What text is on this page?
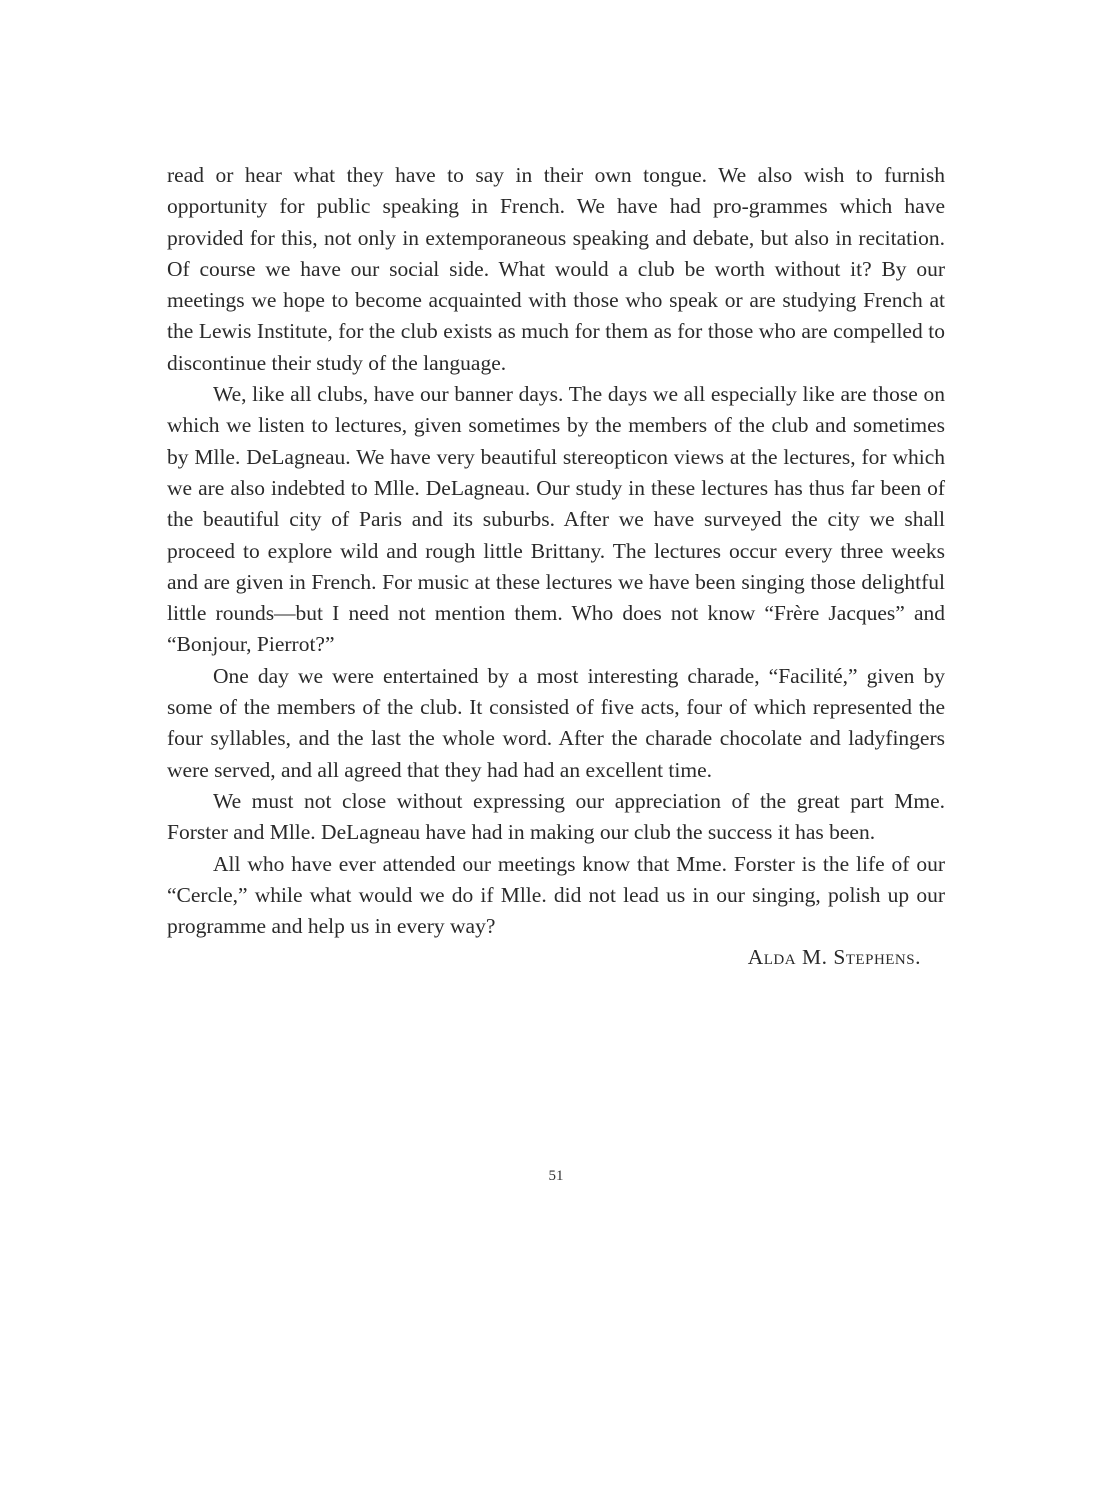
read or hear what they have to say in their own tongue. We also wish to furnish opportunity for public speaking in French. We have had pro-grammes which have provided for this, not only in extemporaneous speaking and debate, but also in recitation. Of course we have our social side. What would a club be worth without it? By our meetings we hope to become acquainted with those who speak or are studying French at the Lewis Institute, for the club exists as much for them as for those who are compelled to discontinue their study of the language.

We, like all clubs, have our banner days. The days we all especially like are those on which we listen to lectures, given sometimes by the members of the club and sometimes by Mlle. DeLagneau. We have very beautiful stereopticon views at the lectures, for which we are also indebted to Mlle. DeLagneau. Our study in these lectures has thus far been of the beautiful city of Paris and its suburbs. After we have surveyed the city we shall proceed to explore wild and rough little Brittany. The lectures occur every three weeks and are given in French. For music at these lectures we have been singing those delightful little rounds—but I need not mention them. Who does not know “Frère Jacques” and “Bonjour, Pierrot?”

One day we were entertained by a most interesting charade, “Facilité,” given by some of the members of the club. It consisted of five acts, four of which represented the four syllables, and the last the whole word. After the charade chocolate and ladyfingers were served, and all agreed that they had had an excellent time.

We must not close without expressing our appreciation of the great part Mme. Forster and Mlle. DeLagneau have had in making our club the success it has been.

All who have ever attended our meetings know that Mme. Forster is the life of our “Cercle,” while what would we do if Mlle. did not lead us in our singing, polish up our programme and help us in every way?

Alda M. Stephens.

51
